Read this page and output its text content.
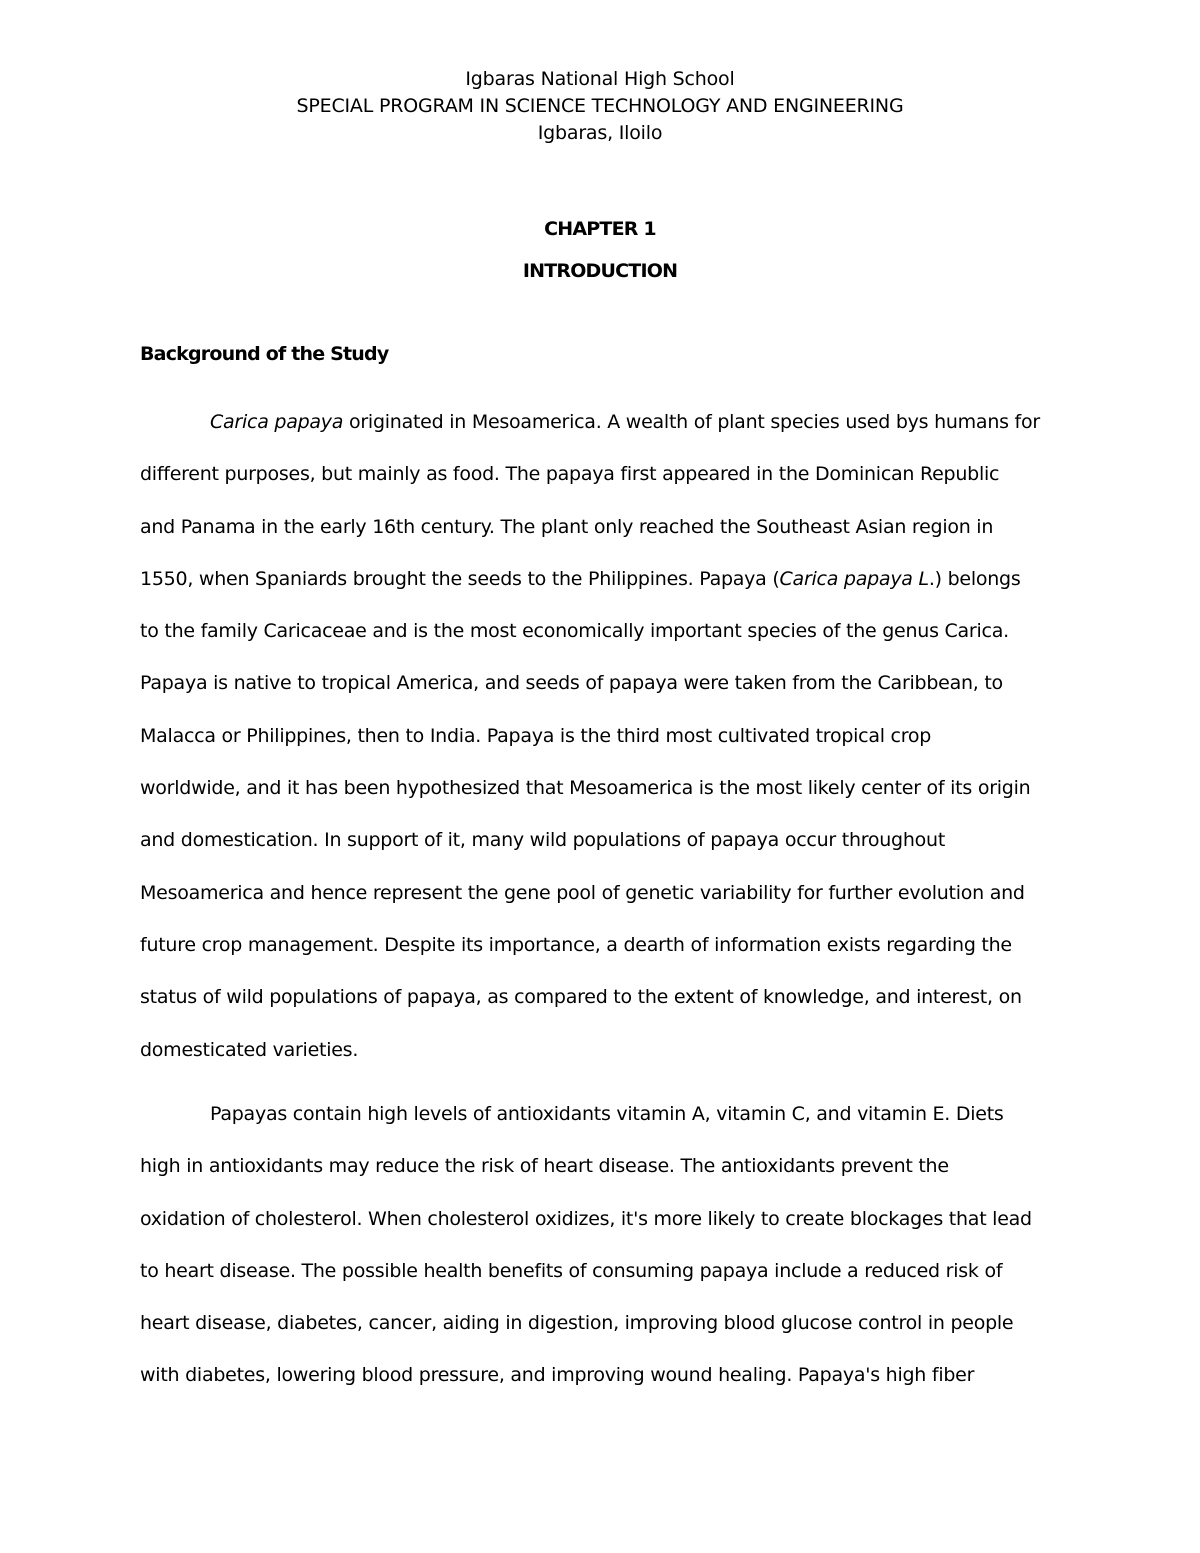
Igbaras National High School
SPECIAL PROGRAM IN SCIENCE TECHNOLOGY AND ENGINEERING
Igbaras, Iloilo
CHAPTER 1
INTRODUCTION
Background of the Study
Carica papaya originated in Mesoamerica. A wealth of plant species used bys humans for
different purposes, but mainly as food. The papaya first appeared in the Dominican Republic
and Panama in the early 16th century. The plant only reached the Southeast Asian region in
1550, when Spaniards brought the seeds to the Philippines. Papaya (Carica papaya L.) belongs
to the family Caricaceae and is the most economically important species of the genus Carica.
Papaya is native to tropical America, and seeds of papaya were taken from the Caribbean, to
Malacca or Philippines, then to India. Papaya is the third most cultivated tropical crop
worldwide, and it has been hypothesized that Mesoamerica is the most likely center of its origin
and domestication. In support of it, many wild populations of papaya occur throughout
Mesoamerica and hence represent the gene pool of genetic variability for further evolution and
future crop management. Despite its importance, a dearth of information exists regarding the
status of wild populations of papaya, as compared to the extent of knowledge, and interest, on
domesticated varieties.
Papayas contain high levels of antioxidants vitamin A, vitamin C, and vitamin E. Diets
high in antioxidants may reduce the risk of heart disease. The antioxidants prevent the
oxidation of cholesterol. When cholesterol oxidizes, it's more likely to create blockages that lead
to heart disease. The possible health benefits of consuming papaya include a reduced risk of
heart disease, diabetes, cancer, aiding in digestion, improving blood glucose control in people
with diabetes, lowering blood pressure, and improving wound healing. Papaya's high fiber
